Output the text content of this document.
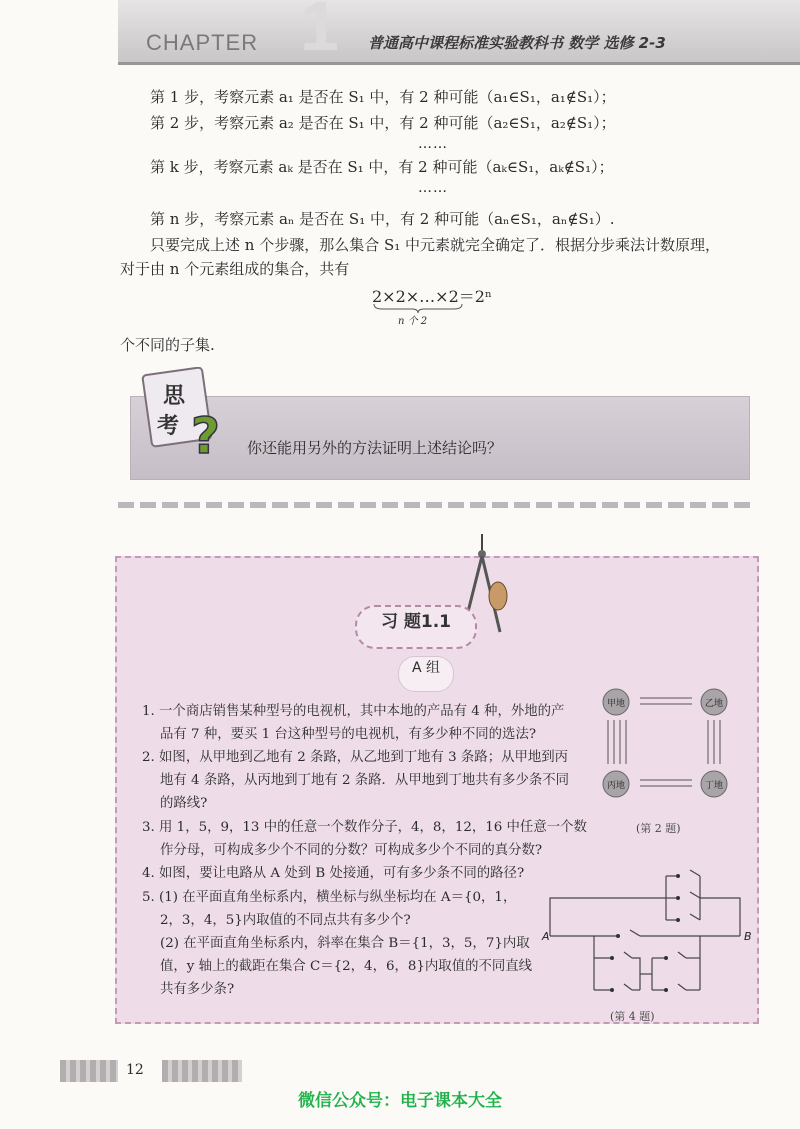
1
CHAPTER	普通高中课程标准实验教科书 数学 选修 2-3
第 1 步，考察元素 a₁ 是否在 S₁ 中，有 2 种可能（a₁∈S₁，a₁∉S₁）；
第 2 步，考察元素 a₂ 是否在 S₁ 中，有 2 种可能（a₂∈S₁，a₂∉S₁）；
……
第 k 步，考察元素 aₖ 是否在 S₁ 中，有 2 种可能（aₖ∈S₁，aₖ∉S₁）；
……
第 n 步，考察元素 aₙ 是否在 S₁ 中，有 2 种可能（aₙ∈S₁，aₙ∉S₁）.
只要完成上述 n 个步骤，那么集合 S₁ 中元素就完全确定了．根据分步乘法计数原理，
对于由 n 个元素组成的集合，共有
2×2×…×2＝2ⁿ
n 个 2
个不同的子集.
思
考 ? 你还能用另外的方法证明上述结论吗？
习 题1.1
A 组
1. 一个商店销售某种型号的电视机，其中本地的产品有 4 种，外地的产
品有 7 种，要买 1 台这种型号的电视机，有多少种不同的选法?
2. 如图，从甲地到乙地有 2 条路，从乙地到丁地有 3 条路；从甲地到丙
地有 4 条路，从丙地到丁地有 2 条路．从甲地到丁地共有多少条不同
的路线?
3. 用 1，5，9，13 中的任意一个数作分子，4，8，12，16 中任意一个数
作分母，可构成多少个不同的分数？可构成多少个不同的真分数?
4. 如图，要让电路从 A 处到 B 处接通，可有多少条不同的路径?
5. (1) 在平面直角坐标系内，横坐标与纵坐标均在 A＝{0，1，
2，3，4，5}内取值的不同点共有多少个?
(2) 在平面直角坐标系内，斜率在集合 B＝{1，3，5，7}内取
值，y 轴上的截距在集合 C＝{2，4，6，8}内取值的不同直线
共有多少条?
甲地	乙地
丙地	丁地
(第 2 题)
A	B
(第 4 题)
12
微信公众号：电子课本大全
